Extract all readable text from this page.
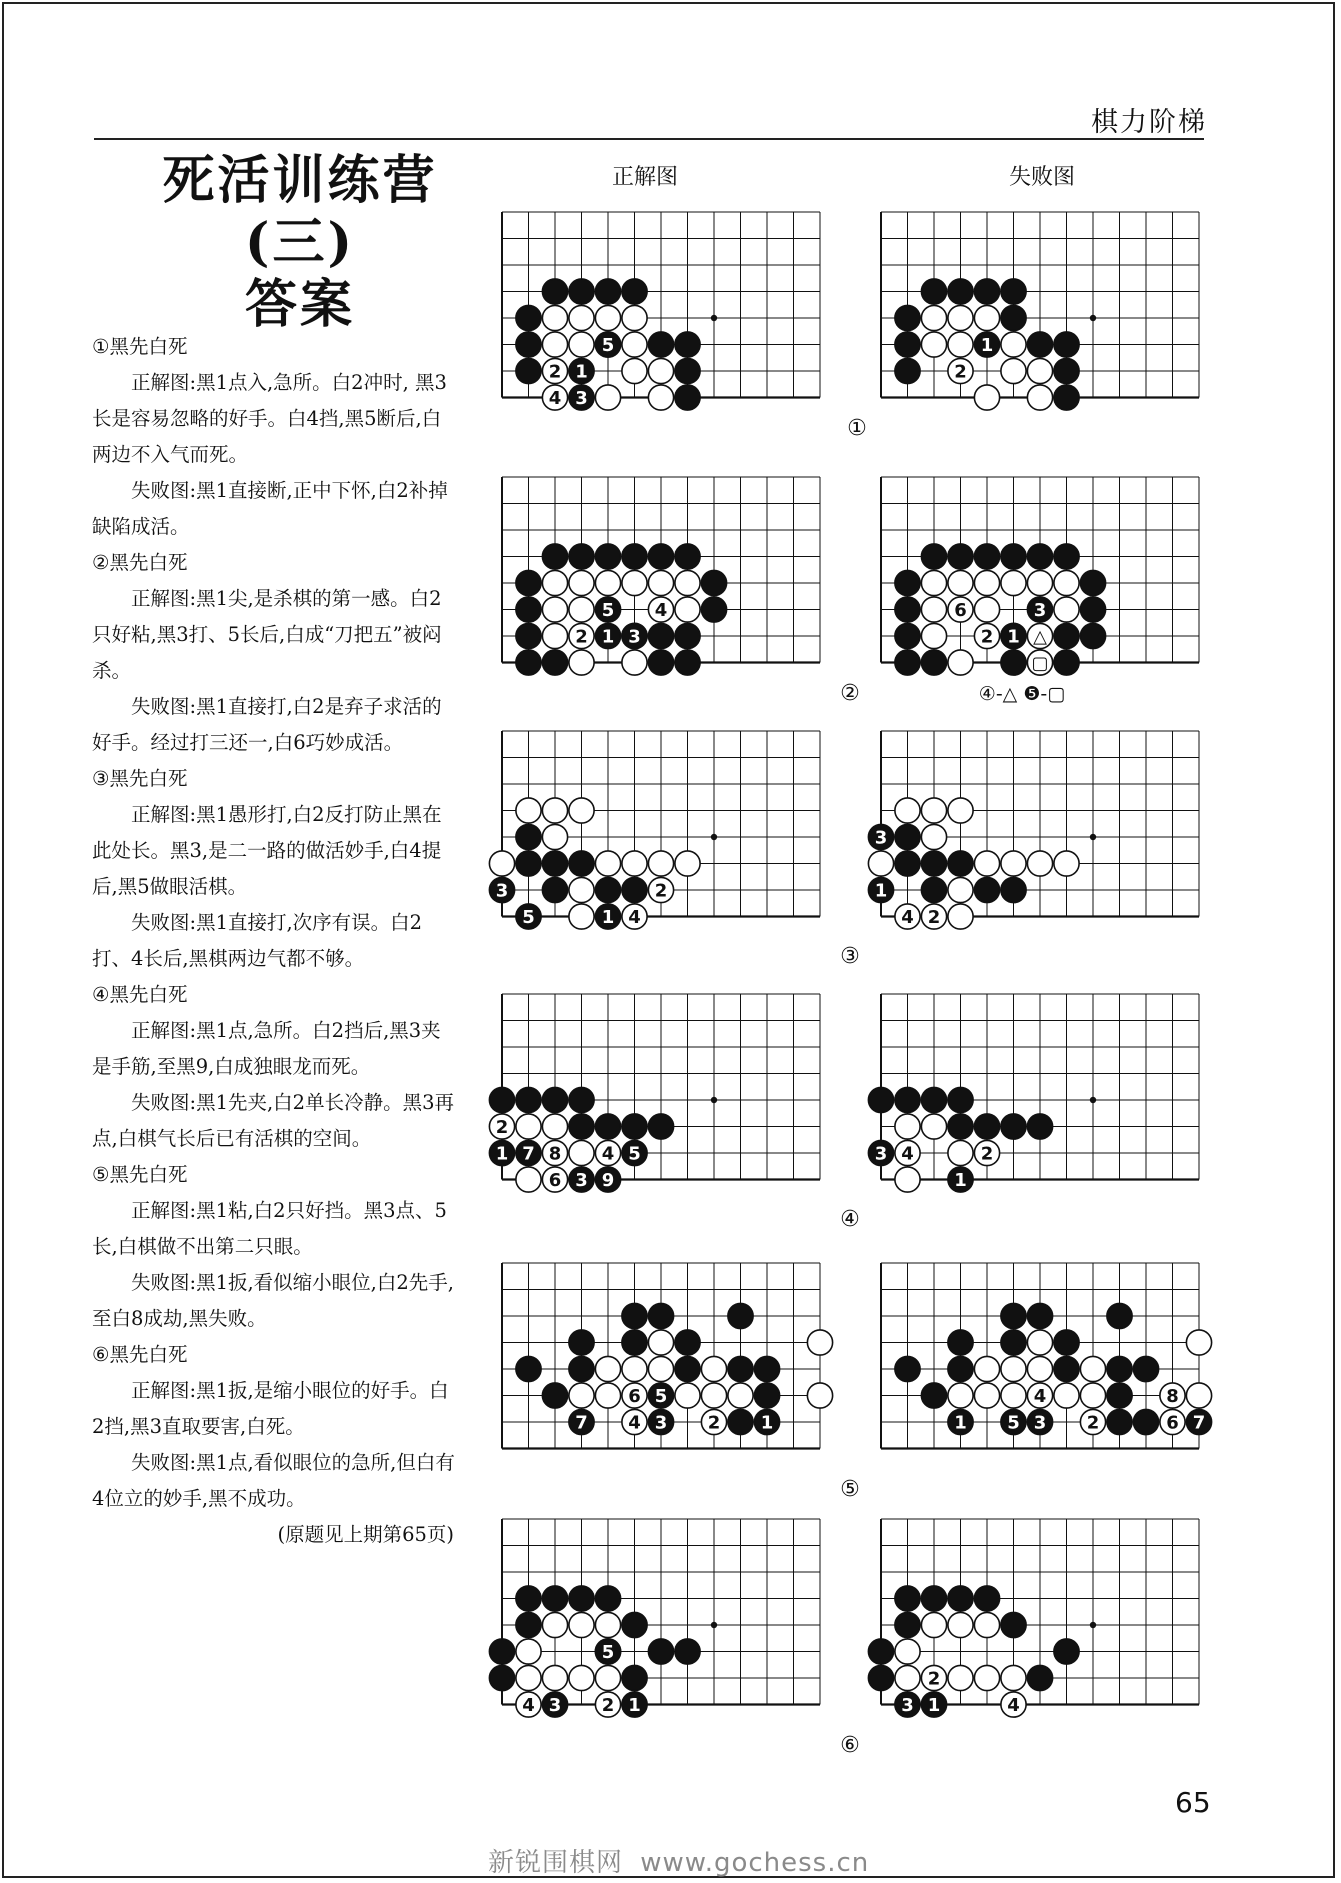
棋力阶梯
死活训练营(三)
答案
正解图	失败图

①黑先白死

正解图:黑1点入,急所。白2冲时, 黑3长是容易忽略的好手。白4挡,黑5断后,白两边不入气而死。

失败图:黑1直接断,正中下怀,白2补掉缺陷成活。

②黑先白死

正解图:黑1尖,是杀棋的第一感。白2只好粘,黑3打、5长后,白成“刀把五”被闷杀。

失败图:黑1直接打,白2是弃子求活的好手。经过打三还一,白6巧妙成活。

③黑先白死

正解图:黑1愚形打,白2反打防止黑在此处长。黑3,是二一路的做活妙手,白4提后,黑5做眼活棋。

失败图:黑1直接打,次序有误。白2打、4长后,黑棋两边气都不够。

④黑先白死

正解图:黑1点,急所。白2挡后,黑3夹是手筋,至黑9,白成独眼龙而死。

失败图:黑1先夹,白2单长冷静。黑3再点,白棋气长后已有活棋的空间。

⑤黑先白死

正解图:黑1粘,白2只好挡。黑3点、5长,白棋做不出第二只眼。

失败图:黑1扳,看似缩小眼位,白2先手,至白8成劫,黑失败。

⑥黑先白死

正解图:黑1扳,是缩小眼位的好手。白2挡,黑3直取要害,白死。

失败图:黑1点,看似眼位的急所,但白有4位立的妙手,黑不成功。

(原题见上期第65页)

5
2 1
4 3
1
2
①
5 4
2 1 3
6	3
2 1 △
▢
②	④-△ ❺-▢
3	2
5	1 4
3
1
4 2
③
2
1 7 8 4 5
6 3 9
3 4	2
1
④
6 5
7 4 3 2 1
4	8
1 5 3 2	6 7
⑤
5
4 3 2 1
2
3 1	4
⑥
65
新锐围棋网 www.gochess.cn
